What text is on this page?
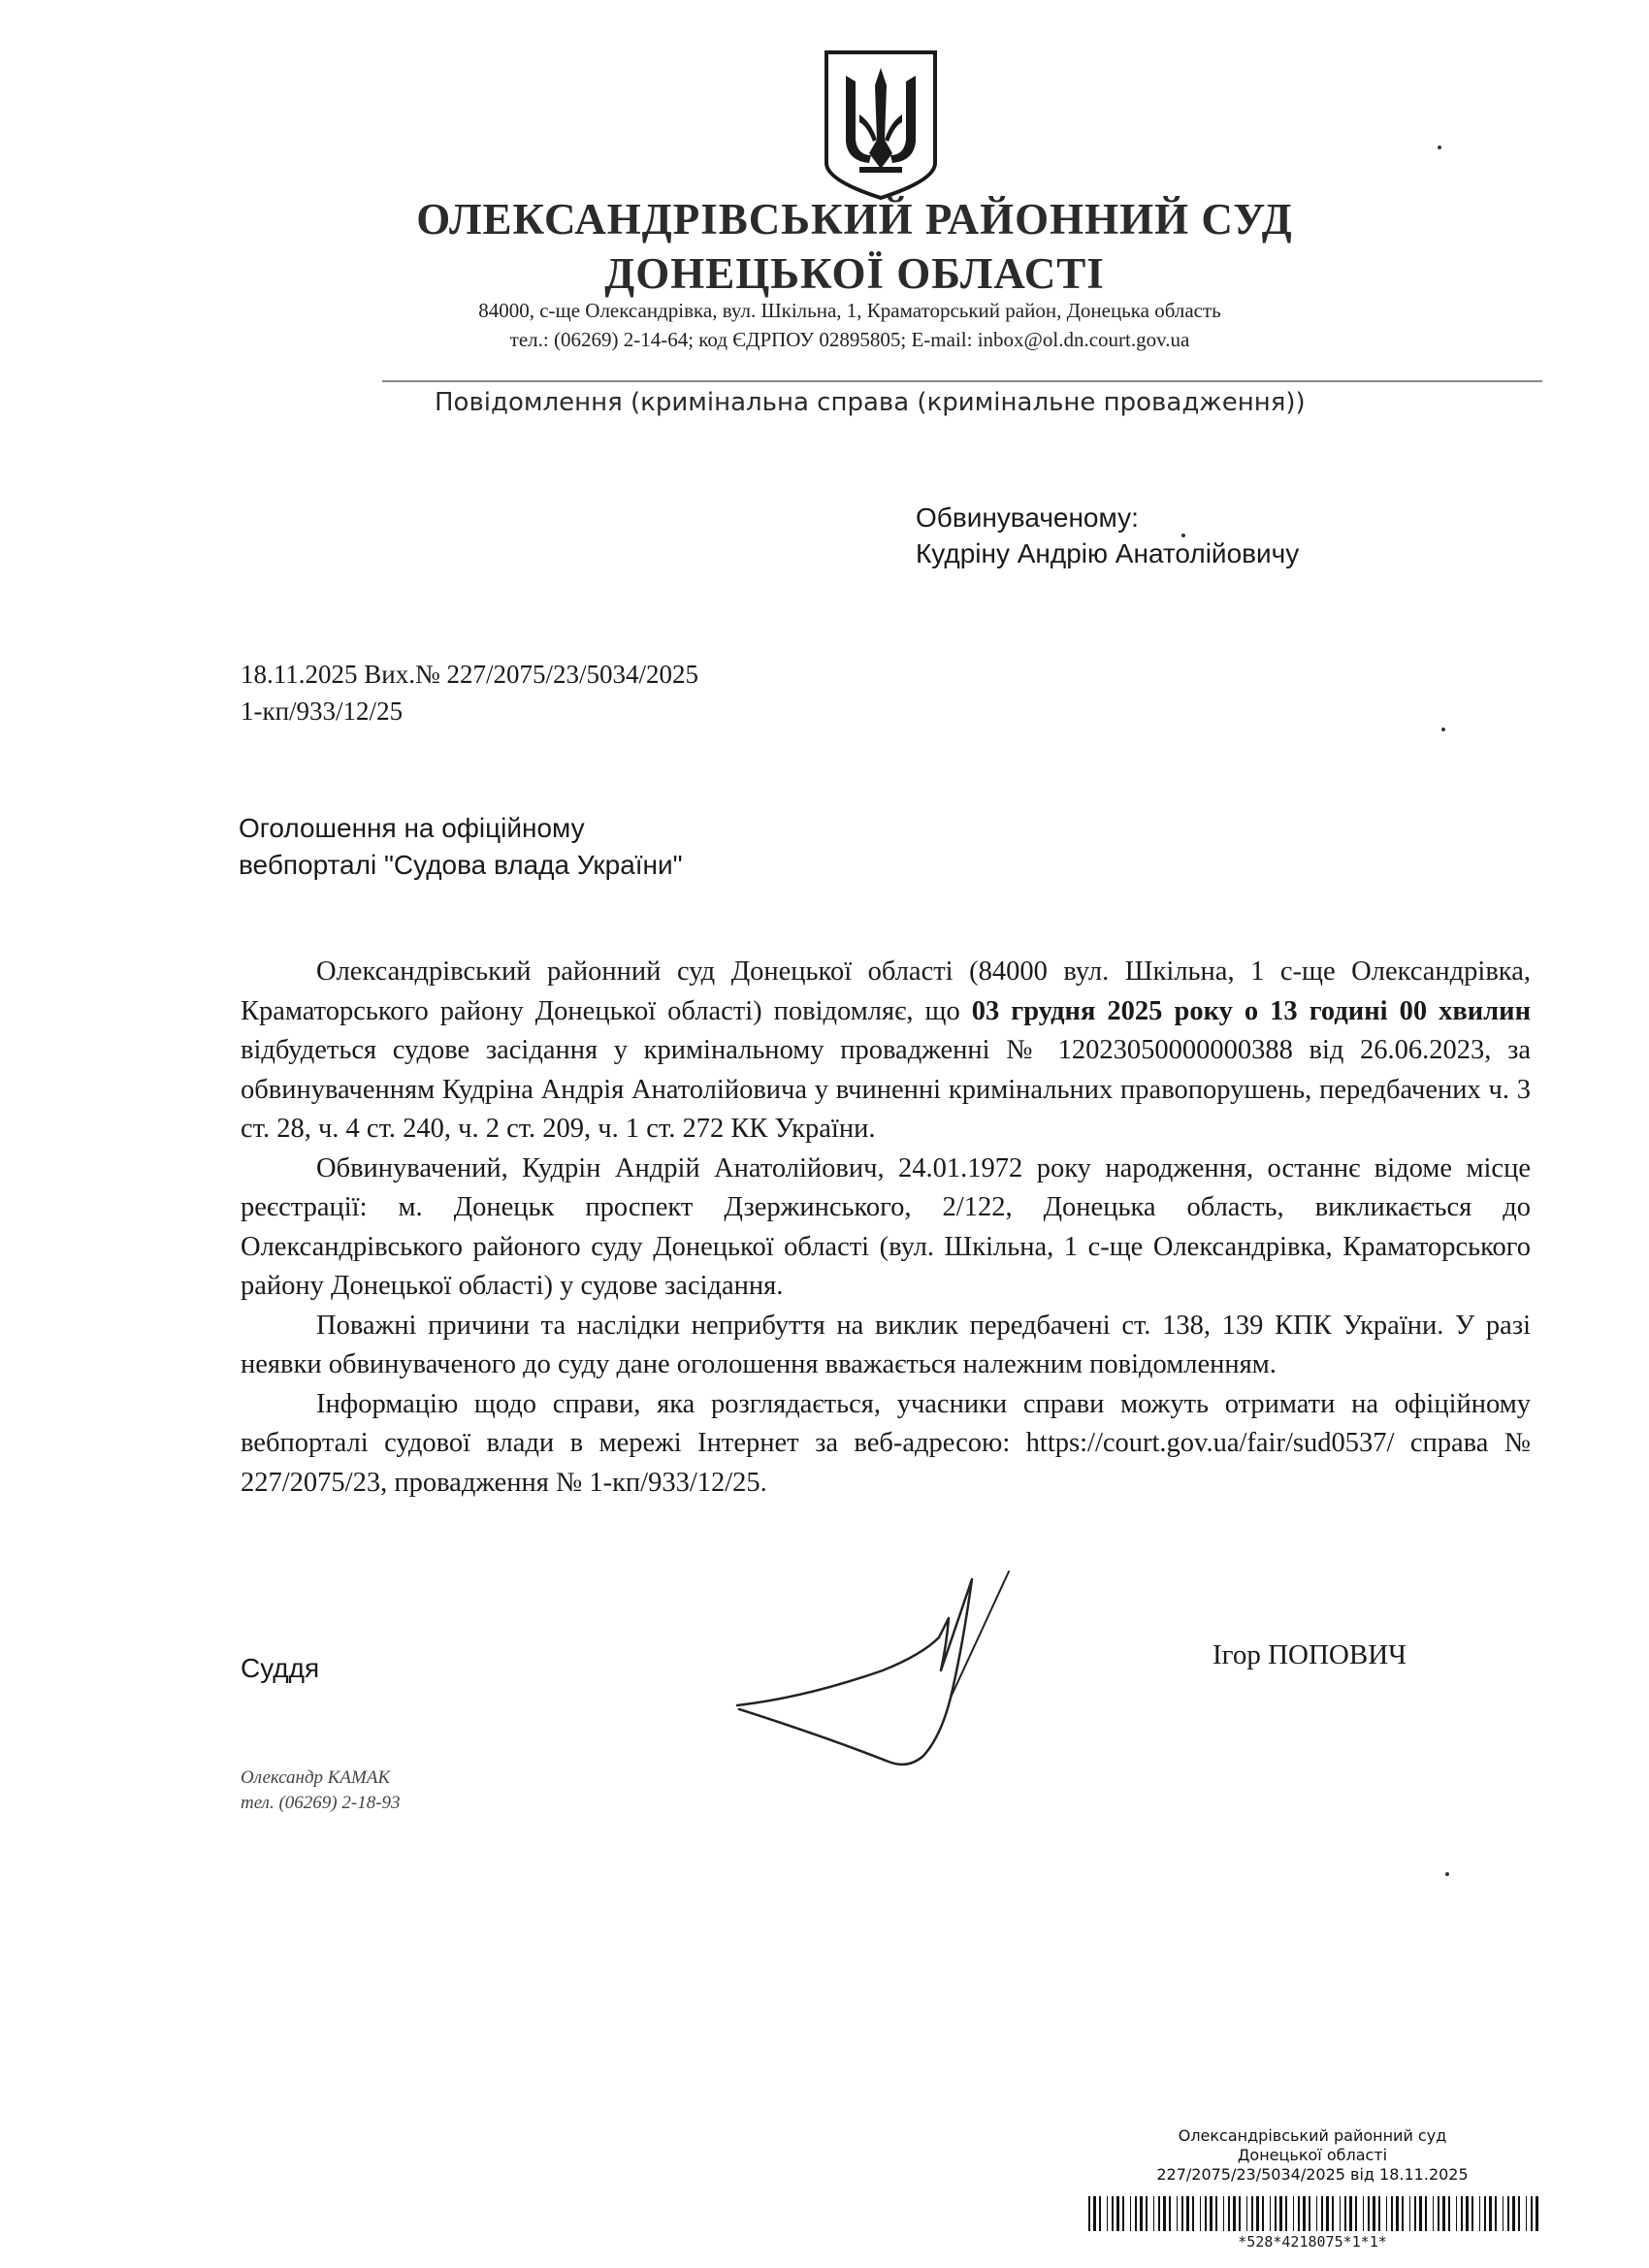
ОЛЕКСАНДРІВСЬКИЙ РАЙОННИЙ СУД
ДОНЕЦЬКОЇ ОБЛАСТІ
84000, с-ще Олександрівка, вул. Шкільна, 1, Краматорський район, Донецька область
тел.: (06269) 2-14-64; код ЄДРПОУ 02895805; E-mail: inbox@ol.dn.court.gov.ua
Повідомлення (кримінальна справа (кримінальне провадження))
Обвинуваченому:
Кудріну Андрію Анатолійовичу
18.11.2025 Вих.№ 227/2075/23/5034/2025
1-кп/933/12/25
Оголошення на офіційному
вебпорталі "Судова влада України"

Олександрівський районний суд Донецької області (84000 вул. Шкільна, 1 с-ще Олександрівка, Краматорського району Донецької області) повідомляє, що 03 грудня 2025 року о 13 годині 00 хвилин відбудеться судове засідання у кримінальному провадженні № 12023050000000388 від 26.06.2023, за обвинуваченням Кудріна Андрія Анатолійовича у вчиненні кримінальних правопорушень, передбачених ч. 3 ст. 28, ч. 4 ст. 240, ч. 2 ст. 209, ч. 1 ст. 272 КК України.

Обвинувачений, Кудрін Андрій Анатолійович, 24.01.1972 року народження, останнє відоме місце реєстрації: м. Донецьк проспект Дзержинського, 2/122, Донецька область, викликається до Олександрівського районого суду Донецької області (вул. Шкільна, 1 с-ще Олександрівка, Краматорського району Донецької області) у судове засідання.

Поважні причини та наслідки неприбуття на виклик передбачені ст. 138, 139 КПК України. У разі неявки обвинуваченого до суду дане оголошення вважається належним повідомленням.

Інформацію щодо справи, яка розглядається, учасники справи можуть отримати на офіційному вебпорталі судової влади в мережі Інтернет за веб-адресою: https://court.gov.ua/fair/sud0537/ справа № 227/2075/23, провадження № 1-кп/933/12/25.

Суддя	Ігор ПОПОВИЧ
Олександр КАМАК
тел. (06269) 2-18-93
Олександрівський районний суд
Донецької області
227/2075/23/5034/2025 від 18.11.2025
*528*4218075*1*1*
